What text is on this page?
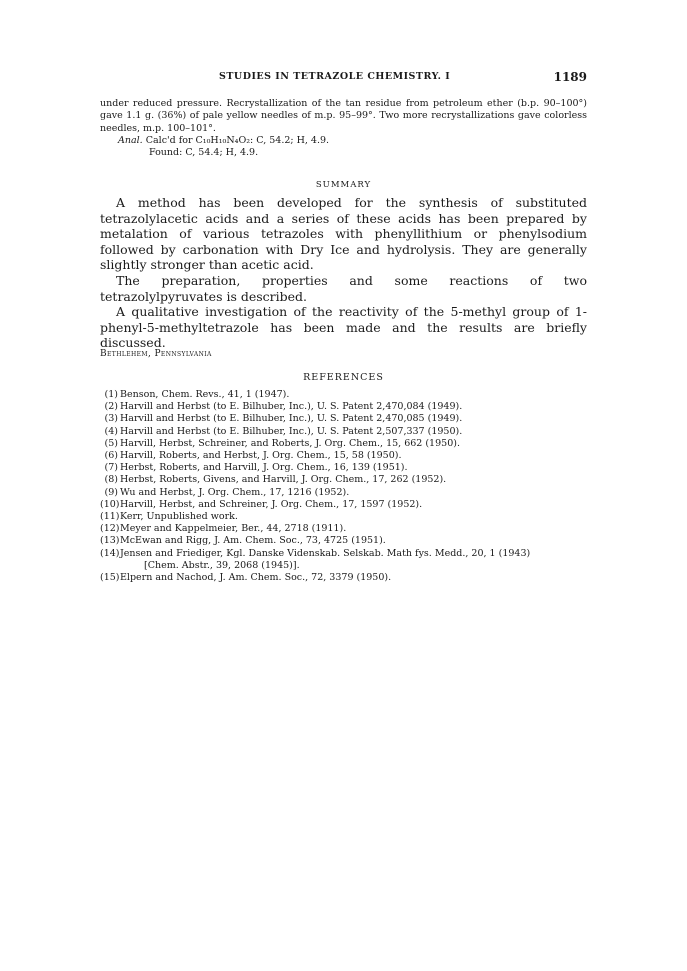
STUDIES IN TETRAZOLE CHEMISTRY. I	1189
under reduced pressure. Recrystallization of the tan residue from petroleum ether (b.p. 90–100°) gave 1.1 g. (36%) of pale yellow needles of m.p. 95–99°. Two more recrystallizations gave colorless needles, m.p. 100–101°.
Anal. Calc'd for C₁₀H₁₀N₄O₂: C, 54.2; H, 4.9.
Found: C, 54.4; H, 4.9.
SUMMARY

A method has been developed for the synthesis of substituted tetrazolylacetic acids and a series of these acids has been prepared by metalation of various tetrazoles with phenyllithium or phenylsodium followed by carbonation with Dry Ice and hydrolysis. They are generally slightly stronger than acetic acid.

The preparation, properties and some reactions of two tetrazolylpyruvates is described.

A qualitative investigation of the reactivity of the 5-methyl group of 1-phenyl-5-methyltetrazole has been made and the results are briefly discussed.

Bethlehem, Pennsylvania
REFERENCES
(1) Benson, Chem. Revs., 41, 1 (1947).
(2) Harvill and Herbst (to E. Bilhuber, Inc.), U. S. Patent 2,470,084 (1949).
(3) Harvill and Herbst (to E. Bilhuber, Inc.), U. S. Patent 2,470,085 (1949).
(4) Harvill and Herbst (to E. Bilhuber, Inc.), U. S. Patent 2,507,337 (1950).
(5) Harvill, Herbst, Schreiner, and Roberts, J. Org. Chem., 15, 662 (1950).
(6) Harvill, Roberts, and Herbst, J. Org. Chem., 15, 58 (1950).
(7) Herbst, Roberts, and Harvill, J. Org. Chem., 16, 139 (1951).
(8) Herbst, Roberts, Givens, and Harvill, J. Org. Chem., 17, 262 (1952).
(9) Wu and Herbst, J. Org. Chem., 17, 1216 (1952).
(10) Harvill, Herbst, and Schreiner, J. Org. Chem., 17, 1597 (1952).
(11) Kerr, Unpublished work.
(12) Meyer and Kappelmeier, Ber., 44, 2718 (1911).
(13) McEwan and Rigg, J. Am. Chem. Soc., 73, 4725 (1951).
(14) Jensen and Friediger, Kgl. Danske Videnskab. Selskab. Math fys. Medd., 20, 1 (1943)
[Chem. Abstr., 39, 2068 (1945)].
(15) Elpern and Nachod, J. Am. Chem. Soc., 72, 3379 (1950).
